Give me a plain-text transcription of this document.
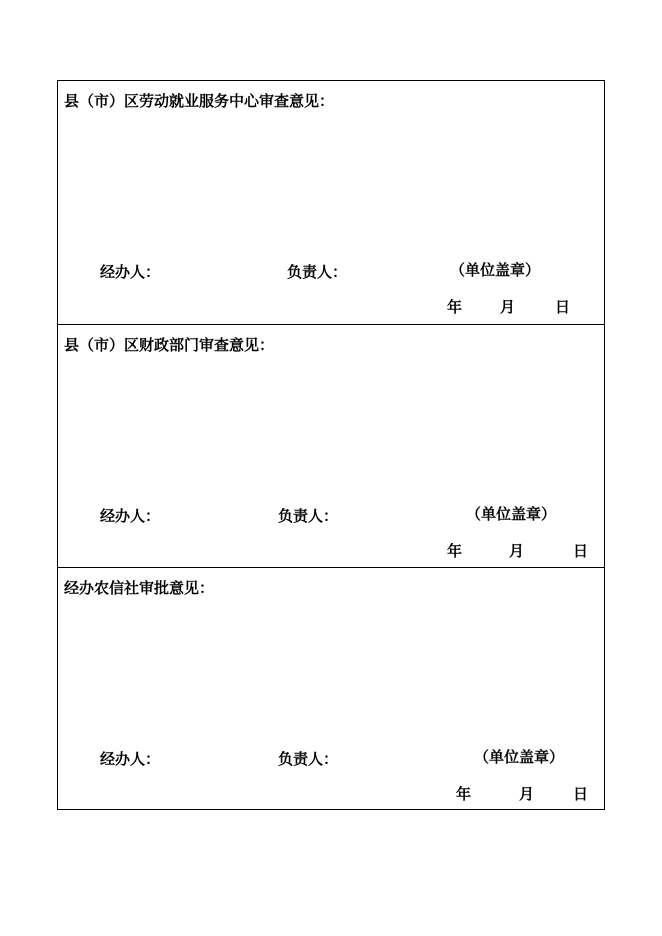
县（市）区劳动就业服务中心审查意见：
经办人：	负责人：	（单位盖章）
年	月	日
县（市）区财政部门审查意见：
经办人：	负责人：	（单位盖章）
年	月	日
经办农信社审批意见：
经办人：	负责人：	（单位盖章）
年	月	日
